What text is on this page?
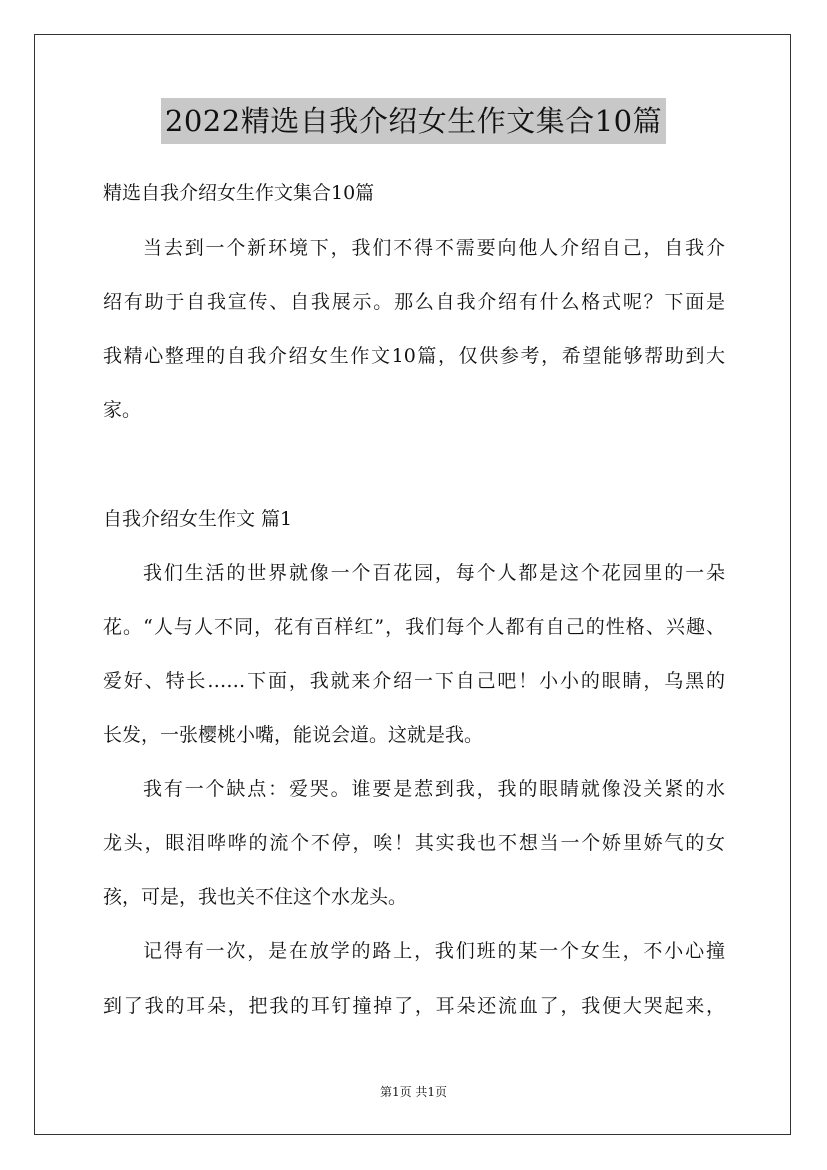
2022精选自我介绍女生作文集合10篇
精选自我介绍女生作文集合10篇
当去到一个新环境下，我们不得不需要向他人介绍自己，自我介
绍有助于自我宣传、自我展示。那么自我介绍有什么格式呢？下面是
我精心整理的自我介绍女生作文10篇，仅供参考，希望能够帮助到大
家。
自我介绍女生作文 篇1
我们生活的世界就像一个百花园，每个人都是这个花园里的一朵
花。“人与人不同，花有百样红”，我们每个人都有自己的性格、兴趣、
爱好、特长……下面，我就来介绍一下自己吧！小小的眼睛，乌黑的
长发，一张樱桃小嘴，能说会道。这就是我。
我有一个缺点：爱哭。谁要是惹到我，我的眼睛就像没关紧的水
龙头，眼泪哗哗的流个不停，唉！其实我也不想当一个娇里娇气的女
孩，可是，我也关不住这个水龙头。
记得有一次，是在放学的路上，我们班的某一个女生，不小心撞
到了我的耳朵，把我的耳钉撞掉了，耳朵还流血了，我便大哭起来，
第1页 共1页
